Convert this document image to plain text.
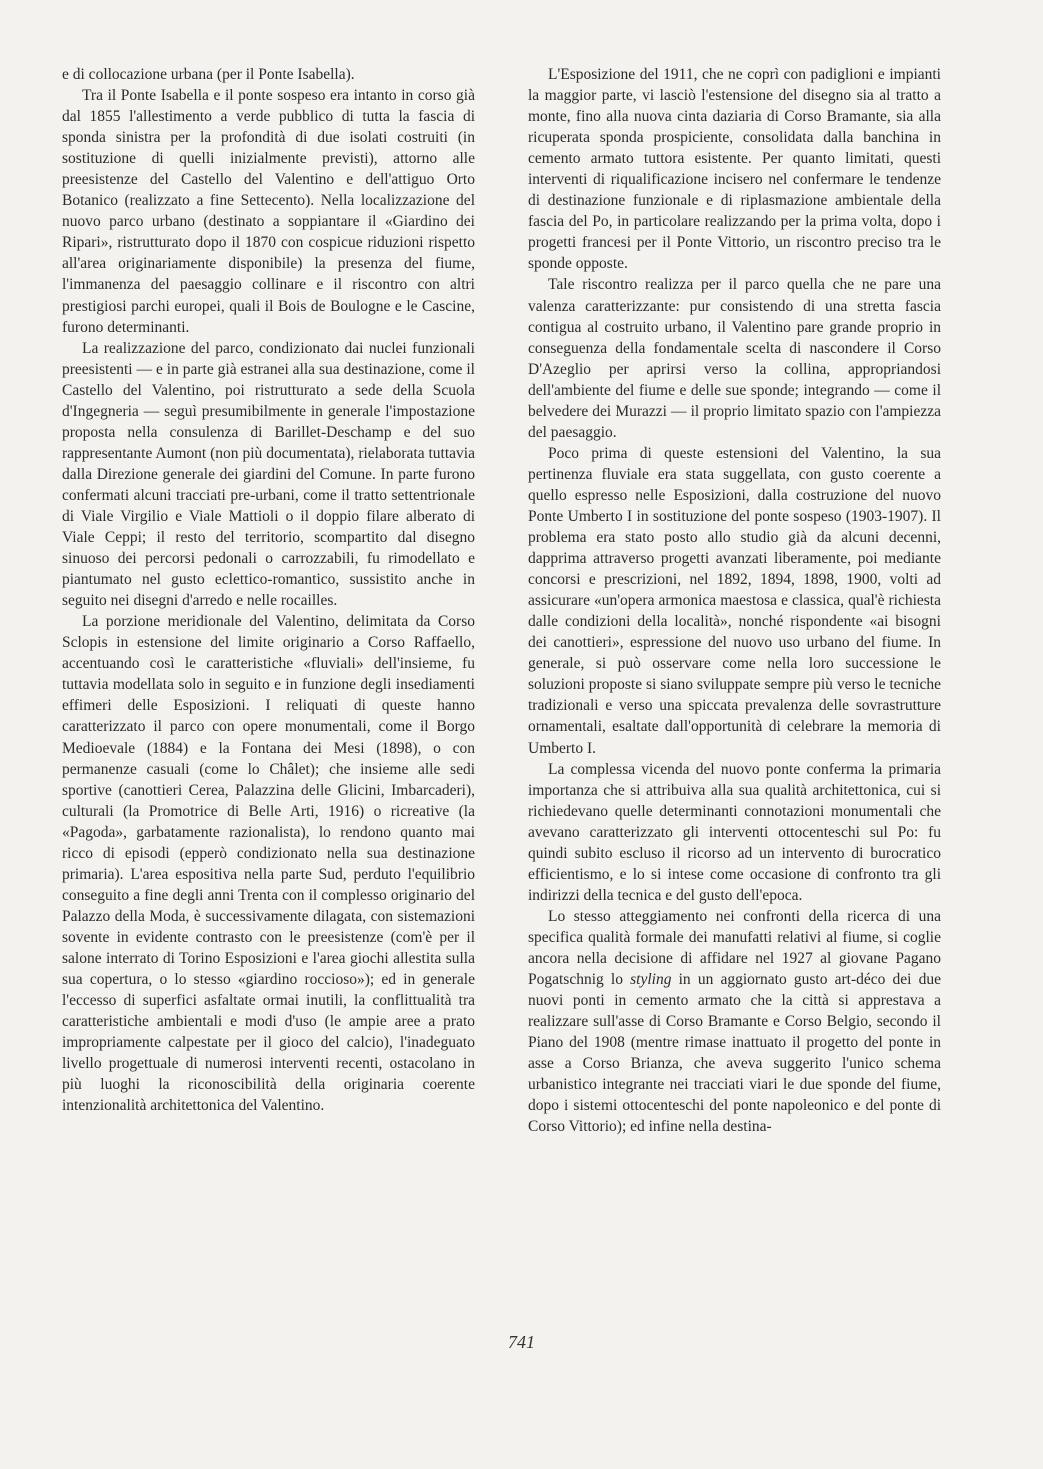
e di collocazione urbana (per il Ponte Isabella).

Tra il Ponte Isabella e il ponte sospeso era intanto in corso già dal 1855 l'allestimento a verde pubblico di tutta la fascia di sponda sinistra per la profondità di due isolati costruiti (in sostituzione di quelli inizialmente previsti), attorno alle preesistenze del Castello del Valentino e dell'attiguo Orto Botanico (realizzato a fine Settecento). Nella localizzazione del nuovo parco urbano (destinato a soppiantare il «Giardino dei Ripari», ristrutturato dopo il 1870 con cospicue riduzioni rispetto all'area originariamente disponibile) la presenza del fiume, l'immanenza del paesaggio collinare e il riscontro con altri prestigiosi parchi europei, quali il Bois de Boulogne e le Cascine, furono determinanti.

La realizzazione del parco, condizionato dai nuclei funzionali preesistenti — e in parte già estranei alla sua destinazione, come il Castello del Valentino, poi ristrutturato a sede della Scuola d'Ingegneria — seguì presumibilmente in generale l'impostazione proposta nella consulenza di Barillet-Deschamp e del suo rappresentante Aumont (non più documentata), rielaborata tuttavia dalla Direzione generale dei giardini del Comune. In parte furono confermati alcuni tracciati pre-urbani, come il tratto settentrionale di Viale Virgilio e Viale Mattioli o il doppio filare alberato di Viale Ceppi; il resto del territorio, scompartito dal disegno sinuoso dei percorsi pedonali o carrozzabili, fu rimodellato e piantumato nel gusto eclettico-romantico, sussistito anche in seguito nei disegni d'arredo e nelle rocailles.

La porzione meridionale del Valentino, delimitata da Corso Sclopis in estensione del limite originario a Corso Raffaello, accentuando così le caratteristiche «fluviali» dell'insieme, fu tuttavia modellata solo in seguito e in funzione degli insediamenti effimeri delle Esposizioni. I reliquati di queste hanno caratterizzato il parco con opere monumentali, come il Borgo Medioevale (1884) e la Fontana dei Mesi (1898), o con permanenze casuali (come lo Châlet); che insieme alle sedi sportive (canottieri Cerea, Palazzina delle Glicini, Imbarcaderi), culturali (la Promotrice di Belle Arti, 1916) o ricreative (la «Pagoda», garbatamente razionalista), lo rendono quanto mai ricco di episodi (epperò condizionato nella sua destinazione primaria). L'area espositiva nella parte Sud, perduto l'equilibrio conseguito a fine degli anni Trenta con il complesso originario del Palazzo della Moda, è successivamente dilagata, con sistemazioni sovente in evidente contrasto con le preesistenze (com'è per il salone interrato di Torino Esposizioni e l'area giochi allestita sulla sua copertura, o lo stesso «giardino roccioso»); ed in generale l'eccesso di superfici asfaltate ormai inutili, la conflittualità tra caratteristiche ambientali e modi d'uso (le ampie aree a prato impropriamente calpestate per il gioco del calcio), l'inadeguato livello progettuale di numerosi interventi recenti, ostacolano in più luoghi la riconoscibilità della originaria coerente intenzionalità architettonica del Valentino.

L'Esposizione del 1911, che ne coprì con padiglioni e impianti la maggior parte, vi lasciò l'estensione del disegno sia al tratto a monte, fino alla nuova cinta daziaria di Corso Bramante, sia alla ricuperata sponda prospiciente, consolidata dalla banchina in cemento armato tuttora esistente. Per quanto limitati, questi interventi di riqualificazione incisero nel confermare le tendenze di destinazione funzionale e di riplasmazione ambientale della fascia del Po, in particolare realizzando per la prima volta, dopo i progetti francesi per il Ponte Vittorio, un riscontro preciso tra le sponde opposte.

Tale riscontro realizza per il parco quella che ne pare una valenza caratterizzante: pur consistendo di una stretta fascia contigua al costruito urbano, il Valentino pare grande proprio in conseguenza della fondamentale scelta di nascondere il Corso D'Azeglio per aprirsi verso la collina, appropriandosi dell'ambiente del fiume e delle sue sponde; integrando — come il belvedere dei Murazzi — il proprio limitato spazio con l'ampiezza del paesaggio.

Poco prima di queste estensioni del Valentino, la sua pertinenza fluviale era stata suggellata, con gusto coerente a quello espresso nelle Esposizioni, dalla costruzione del nuovo Ponte Umberto I in sostituzione del ponte sospeso (1903-1907). Il problema era stato posto allo studio già da alcuni decenni, dapprima attraverso progetti avanzati liberamente, poi mediante concorsi e prescrizioni, nel 1892, 1894, 1898, 1900, volti ad assicurare «un'opera armonica maestosa e classica, qual'è richiesta dalle condizioni della località», nonché rispondente «ai bisogni dei canottieri», espressione del nuovo uso urbano del fiume. In generale, si può osservare come nella loro successione le soluzioni proposte si siano sviluppate sempre più verso le tecniche tradizionali e verso una spiccata prevalenza delle sovrastrutture ornamentali, esaltate dall'opportunità di celebrare la memoria di Umberto I.

La complessa vicenda del nuovo ponte conferma la primaria importanza che si attribuiva alla sua qualità architettonica, cui si richiedevano quelle determinanti connotazioni monumentali che avevano caratterizzato gli interventi ottocenteschi sul Po: fu quindi subito escluso il ricorso ad un intervento di burocratico efficientismo, e lo si intese come occasione di confronto tra gli indirizzi della tecnica e del gusto dell'epoca.

Lo stesso atteggiamento nei confronti della ricerca di una specifica qualità formale dei manufatti relativi al fiume, si coglie ancora nella decisione di affidare nel 1927 al giovane Pagano Pogatschnig lo styling in un aggiornato gusto art-déco dei due nuovi ponti in cemento armato che la città si apprestava a realizzare sull'asse di Corso Bramante e Corso Belgio, secondo il Piano del 1908 (mentre rimase inattuato il progetto del ponte in asse a Corso Brianza, che aveva suggerito l'unico schema urbanistico integrante nei tracciati viari le due sponde del fiume, dopo i sistemi ottocenteschi del ponte napoleonico e del ponte di Corso Vittorio); ed infine nella destina-

741
